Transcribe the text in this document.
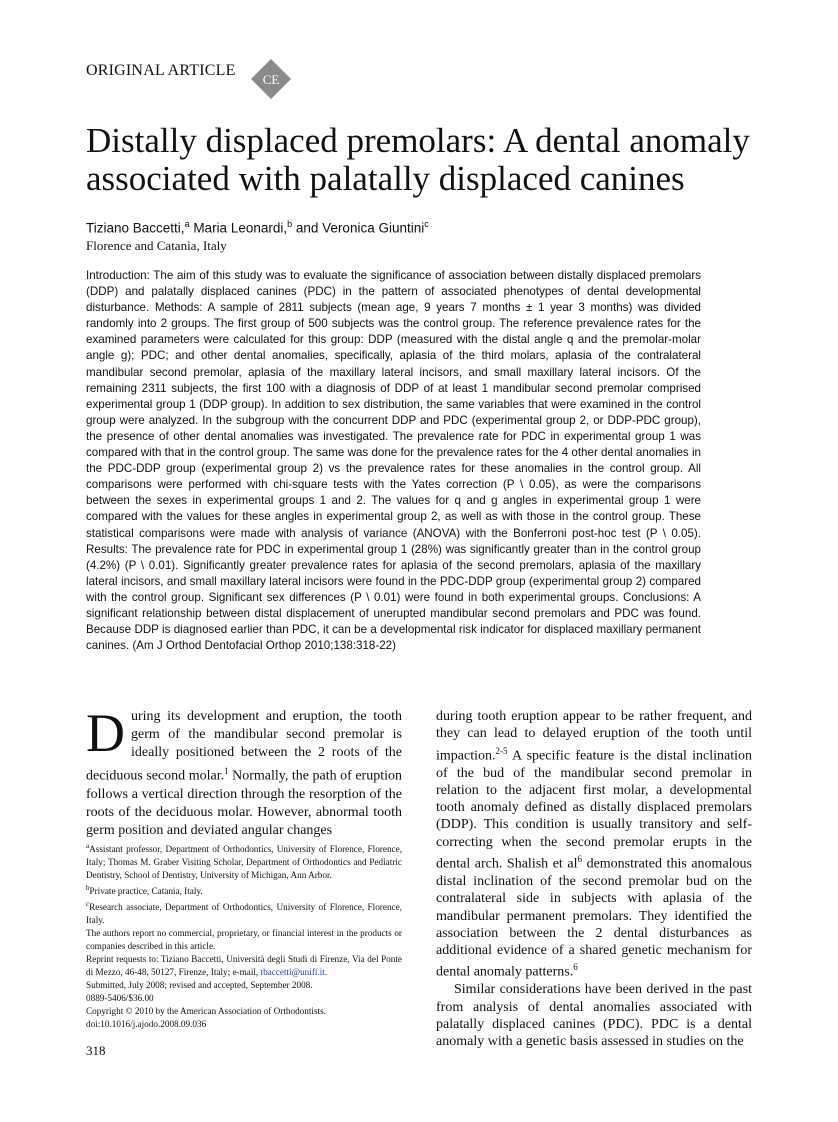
ORIGINAL ARTICLE
CE
Distally displaced premolars: A dental anomaly associated with palatally displaced canines
Tiziano Baccetti,$^a$ Maria Leonardi,$^b$ and Veronica Giuntini$^c$
Florence and Catania, Italy
Introduction: The aim of this study was to evaluate the significance of association between distally displaced premolars (DDP) and palatally displaced canines (PDC) in the pattern of associated phenotypes of dental developmental disturbance. Methods: A sample of 2811 subjects (mean age, 9 years 7 months ± 1 year 3 months) was divided randomly into 2 groups. The first group of 500 subjects was the control group. The reference prevalence rates for the examined parameters were calculated for this group: DDP (measured with the distal angle q and the premolar-molar angle g); PDC; and other dental anomalies, specifically, aplasia of the third molars, aplasia of the contralateral mandibular second premolar, aplasia of the maxillary lateral incisors, and small maxillary lateral incisors. Of the remaining 2311 subjects, the first 100 with a diagnosis of DDP of at least 1 mandibular second premolar comprised experimental group 1 (DDP group). In addition to sex distribution, the same variables that were examined in the control group were analyzed. In the subgroup with the concurrent DDP and PDC (experimental group 2, or DDP-PDC group), the presence of other dental anomalies was investigated. The prevalence rate for PDC in experimental group 1 was compared with that in the control group. The same was done for the prevalence rates for the 4 other dental anomalies in the PDC-DDP group (experimental group 2) vs the prevalence rates for these anomalies in the control group. All comparisons were performed with chi-square tests with the Yates correction (P \ 0.05), as were the comparisons between the sexes in experimental groups 1 and 2. The values for q and g angles in experimental group 1 were compared with the values for these angles in experimental group 2, as well as with those in the control group. These statistical comparisons were made with analysis of variance (ANOVA) with the Bonferroni post-hoc test (P \ 0.05). Results: The prevalence rate for PDC in experimental group 1 (28%) was significantly greater than in the control group (4.2%) (P \ 0.01). Significantly greater prevalence rates for aplasia of the second premolars, aplasia of the maxillary lateral incisors, and small maxillary lateral incisors were found in the PDC-DDP group (experimental group 2) compared with the control group. Significant sex differences (P \ 0.01) were found in both experimental groups. Conclusions: A significant relationship between distal displacement of unerupted mandibular second premolars and PDC was found. Because DDP is diagnosed earlier than PDC, it can be a developmental risk indicator for displaced maxillary permanent canines. (Am J Orthod Dentofacial Orthop 2010;138:318-22)

During its development and eruption, the tooth germ of the mandibular second premolar is ideally positioned between the 2 roots of the deciduous second molar.$^1$ Normally, the path of eruption follows a vertical direction through the resorption of the roots of the deciduous molar. However, abnormal tooth germ position and deviated angular changes

$^a$Assistant professor, Department of Orthodontics, University of Florence, Florence, Italy; Thomas M. Graber Visiting Scholar, Department of Orthodontics and Pediatric Dentistry, School of Dentistry, University of Michigan, Ann Arbor.

$^b$Private practice, Catania, Italy.

$^c$Research associate, Department of Orthodontics, University of Florence, Florence, Italy.

The authors report no commercial, proprietary, or financial interest in the products or companies described in this article.

Reprint requests to: Tiziano Baccetti, Università degli Studi di Firenze, Via del Ponte di Mezzo, 46-48, 50127, Firenze, Italy; e-mail, tbaccetti@unifi.it.

Submitted, July 2008; revised and accepted, September 2008.

0889-5406/$36.00

Copyright © 2010 by the American Association of Orthodontists.

doi:10.1016/j.ajodo.2008.09.036

during tooth eruption appear to be rather frequent, and they can lead to delayed eruption of the tooth until impaction.$^{2-5}$ A specific feature is the distal inclination of the bud of the mandibular second premolar in relation to the adjacent first molar, a developmental tooth anomaly defined as distally displaced premolars (DDP). This condition is usually transitory and self-correcting when the second premolar erupts in the dental arch. Shalish et al$^6$ demonstrated this anomalous distal inclination of the second premolar bud on the contralateral side in subjects with aplasia of the mandibular permanent premolars. They identified the association between the 2 dental disturbances as additional evidence of a shared genetic mechanism for dental anomaly patterns.$^6$

Similar considerations have been derived in the past from analysis of dental anomalies associated with palatally displaced canines (PDC). PDC is a dental anomaly with a genetic basis assessed in studies on the

318
